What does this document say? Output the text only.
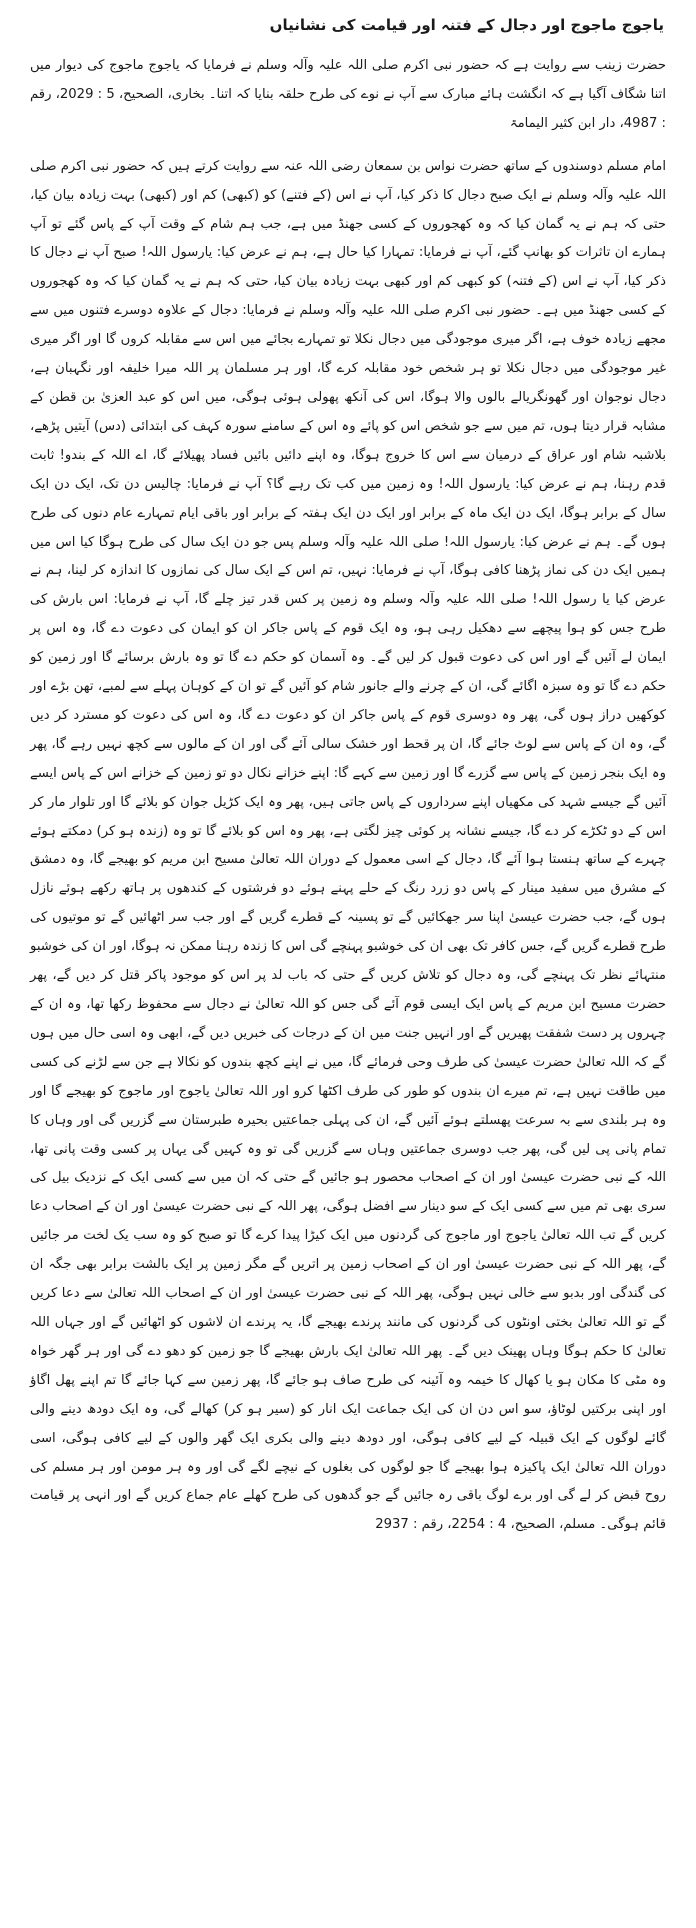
یاجوج ماجوج اور دجال کے فتنہ اور قیامت کی نشانیاں

حضرت زینب سے روایت ہے کہ حضور نبی اکرم صلی اللہ علیہ وآلہ وسلم نے فرمایا کہ یاجوج ماجوج کی دیوار میں اتنا شگاف آگیا ہے کہ انگشت ہائے مبارک سے آپ نے نوے کی طرح حلقہ بنایا کہ اتنا۔ بخاری، الصحیح، 5 : 2029، رقم : 4987، دار ابن کثیر الیمامۃ

امام مسلم دوسندوں کے ساتھ حضرت نواس بن سمعان رضی اللہ عنہ سے روایت کرتے ہیں کہ حضور نبی اکرم صلی اللہ علیہ وآلہ وسلم نے ایک صبح دجال کا ذکر کیا، آپ نے اس (کے فتنے) کو (کبھی) کم اور (کبھی) بہت زیادہ بیان کیا، حتی کہ ہم نے یہ گمان کیا کہ وہ کھجوروں کے کسی جھنڈ میں ہے، جب ہم شام کے وقت آپ کے پاس گئے تو آپ ہمارے ان تاثرات کو بھانپ گئے، آپ نے فرمایا: تمہارا کیا حال ہے، ہم نے عرض کیا: یارسول اللہ! صبح آپ نے دجال کا ذکر کیا، آپ نے اس (کے فتنہ) کو کبھی کم اور کبھی بہت زیادہ بیان کیا، حتی کہ ہم نے یہ گمان کیا کہ وہ کھجوروں کے کسی جھنڈ میں ہے۔ حضور نبی اکرم صلی اللہ علیہ وآلہ وسلم نے فرمایا: دجال کے علاوہ دوسرے فتنوں میں سے مجھے زیادہ خوف ہے، اگر میری موجودگی میں دجال نکلا تو تمہارے بجائے میں اس سے مقابلہ کروں گا اور اگر میری غیر موجودگی میں دجال نکلا تو ہر شخص خود مقابلہ کرے گا، اور ہر مسلمان پر اللہ میرا خلیفہ اور نگہبان ہے، دجال نوجوان اور گھونگریالے بالوں والا ہوگا، اس کی آنکھ پھولی ہوئی ہوگی، میں اس کو عبد العزیٰ بن قطن کے مشابہ قرار دیتا ہوں، تم میں سے جو شخص اس کو پائے وہ اس کے سامنے سورہ کہف کی ابتدائی (دس) آیتیں پڑھے، بلاشبہ شام اور عراق کے درمیان سے اس کا خروج ہوگا، وہ اپنے دائیں بائیں فساد پھیلائے گا، اے اللہ کے بندو! ثابت قدم رہنا، ہم نے عرض کیا: یارسول اللہ! وہ زمین میں کب تک رہے گا؟ آپ نے فرمایا: چالیس دن تک، ایک دن ایک سال کے برابر ہوگا، ایک دن ایک ماہ کے برابر اور ایک دن ایک ہفتہ کے برابر اور باقی ایام تمہارے عام دنوں کی طرح ہوں گے۔ ہم نے عرض کیا: یارسول اللہ! صلی اللہ علیہ وآلہ وسلم پس جو دن ایک سال کی طرح ہوگا کیا اس میں ہمیں ایک دن کی نماز پڑھنا کافی ہوگا، آپ نے فرمایا: نہیں، تم اس کے ایک سال کی نمازوں کا اندازہ کر لینا، ہم نے عرض کیا یا رسول اللہ! صلی اللہ علیہ وآلہ وسلم وہ زمین پر کس قدر تیز چلے گا، آپ نے فرمایا: اس بارش کی طرح جس کو ہوا پیچھے سے دھکیل رہی ہو، وہ ایک قوم کے پاس جاکر ان کو ایمان کی دعوت دے گا، وہ اس پر ایمان لے آئیں گے اور اس کی دعوت قبول کر لیں گے۔ وہ آسمان کو حکم دے گا تو وہ بارش برسائے گا اور زمین کو حکم دے گا تو وہ سبزہ اگائے گی، ان کے چرنے والے جانور شام کو آئیں گے تو ان کے کوہان پہلے سے لمبے، تھن بڑے اور کوکھیں دراز ہوں گی، پھر وہ دوسری قوم کے پاس جاکر ان کو دعوت دے گا، وہ اس کی دعوت کو مسترد کر دیں گے، وہ ان کے پاس سے لوٹ جائے گا، ان پر قحط اور خشک سالی آئے گی اور ان کے مالوں سے کچھ نہیں رہے گا، پھر وہ ایک بنجر زمین کے پاس سے گزرے گا اور زمین سے کہے گا: اپنے خزانے نکال دو تو زمین کے خزانے اس کے پاس ایسے آئیں گے جیسے شہد کی مکھیاں اپنے سرداروں کے پاس جاتی ہیں، پھر وہ ایک کڑیل جوان کو بلائے گا اور تلوار مار کر اس کے دو ٹکڑے کر دے گا، جیسے نشانہ پر کوئی چیز لگتی ہے، پھر وہ اس کو بلائے گا تو وہ (زندہ ہو کر) دمکتے ہوئے چہرے کے ساتھ ہنستا ہوا آئے گا، دجال کے اسی معمول کے دوران اللہ تعالیٰ مسیح ابن مریم کو بھیجے گا، وہ دمشق کے مشرق میں سفید مینار کے پاس دو زرد رنگ کے حلے پہنے ہوئے دو فرشتوں کے کندھوں پر ہاتھ رکھے ہوئے نازل ہوں گے، جب حضرت عیسیٰ اپنا سر جھکائیں گے تو پسینہ کے قطرے گریں گے اور جب سر اٹھائیں گے تو موتیوں کی طرح قطرے گریں گے، جس کافر تک بھی ان کی خوشبو پہنچے گی اس کا زندہ رہنا ممکن نہ ہوگا، اور ان کی خوشبو منتہائے نظر تک پہنچے گی، وہ دجال کو تلاش کریں گے حتی کہ باب لد پر اس کو موجود پاکر قتل کر دیں گے، پھر حضرت مسیح ابن مریم کے پاس ایک ایسی قوم آئے گی جس کو اللہ تعالیٰ نے دجال سے محفوظ رکھا تھا، وہ ان کے چہروں پر دست شفقت پھیریں گے اور انہیں جنت میں ان کے درجات کی خبریں دیں گے، ابھی وہ اسی حال میں ہوں گے کہ اللہ تعالیٰ حضرت عیسیٰ کی طرف وحی فرمائے گا، میں نے اپنے کچھ بندوں کو نکالا ہے جن سے لڑنے کی کسی میں طاقت نہیں ہے، تم میرے ان بندوں کو طور کی طرف اکٹھا کرو اور اللہ تعالیٰ یاجوج اور ماجوج کو بھیجے گا اور وہ ہر بلندی سے بہ سرعت پھسلتے ہوئے آئیں گے، ان کی پہلی جماعتیں بحیرہ طبرستان سے گزریں گی اور وہاں کا تمام پانی پی لیں گی، پھر جب دوسری جماعتیں وہاں سے گزریں گی تو وہ کہیں گی یہاں پر کسی وقت پانی تھا، اللہ کے نبی حضرت عیسیٰ اور ان کے اصحاب محصور ہو جائیں گے حتی کہ ان میں سے کسی ایک کے نزدیک بیل کی سری بھی تم میں سے کسی ایک کے سو دینار سے افضل ہوگی، پھر اللہ کے نبی حضرت عیسیٰ اور ان کے اصحاب دعا کریں گے تب اللہ تعالیٰ یاجوج اور ماجوج کی گردنوں میں ایک کیڑا پیدا کرے گا تو صبح کو وہ سب یک لخت مر جائیں گے، پھر اللہ کے نبی حضرت عیسیٰ اور ان کے اصحاب زمین پر اتریں گے مگر زمین پر ایک بالشت برابر بھی جگہ ان کی گندگی اور بدبو سے خالی نہیں ہوگی، پھر اللہ کے نبی حضرت عیسیٰ اور ان کے اصحاب اللہ تعالیٰ سے دعا کریں گے تو اللہ تعالیٰ بختی اونٹوں کی گردنوں کی مانند پرندے بھیجے گا، یہ پرندے ان لاشوں کو اٹھائیں گے اور جہاں اللہ تعالیٰ کا حکم ہوگا وہاں پھینک دیں گے۔ پھر اللہ تعالیٰ ایک بارش بھیجے گا جو زمین کو دھو دے گی اور ہر گھر خواہ وہ مٹی کا مکان ہو یا کھال کا خیمہ وہ آئینہ کی طرح صاف ہو جائے گا، پھر زمین سے کہا جائے گا تم اپنے پھل اگاؤ اور اپنی برکتیں لوٹاؤ، سو اس دن ان کی ایک جماعت ایک انار کو (سیر ہو کر) کھالے گی، وہ ایک دودھ دینے والی گائے لوگوں کے ایک قبیلہ کے لیے کافی ہوگی، اور دودھ دینے والی بکری ایک گھر والوں کے لیے کافی ہوگی، اسی دوران اللہ تعالیٰ ایک پاکیزہ ہوا بھیجے گا جو لوگوں کی بغلوں کے نیچے لگے گی اور وہ ہر مومن اور ہر مسلم کی روح قبض کر لے گی اور برے لوگ باقی رہ جائیں گے جو گدھوں کی طرح کھلے عام جماع کریں گے اور انہی پر قیامت قائم ہوگی۔ مسلم، الصحیح، 4 : 2254، رقم : 2937
